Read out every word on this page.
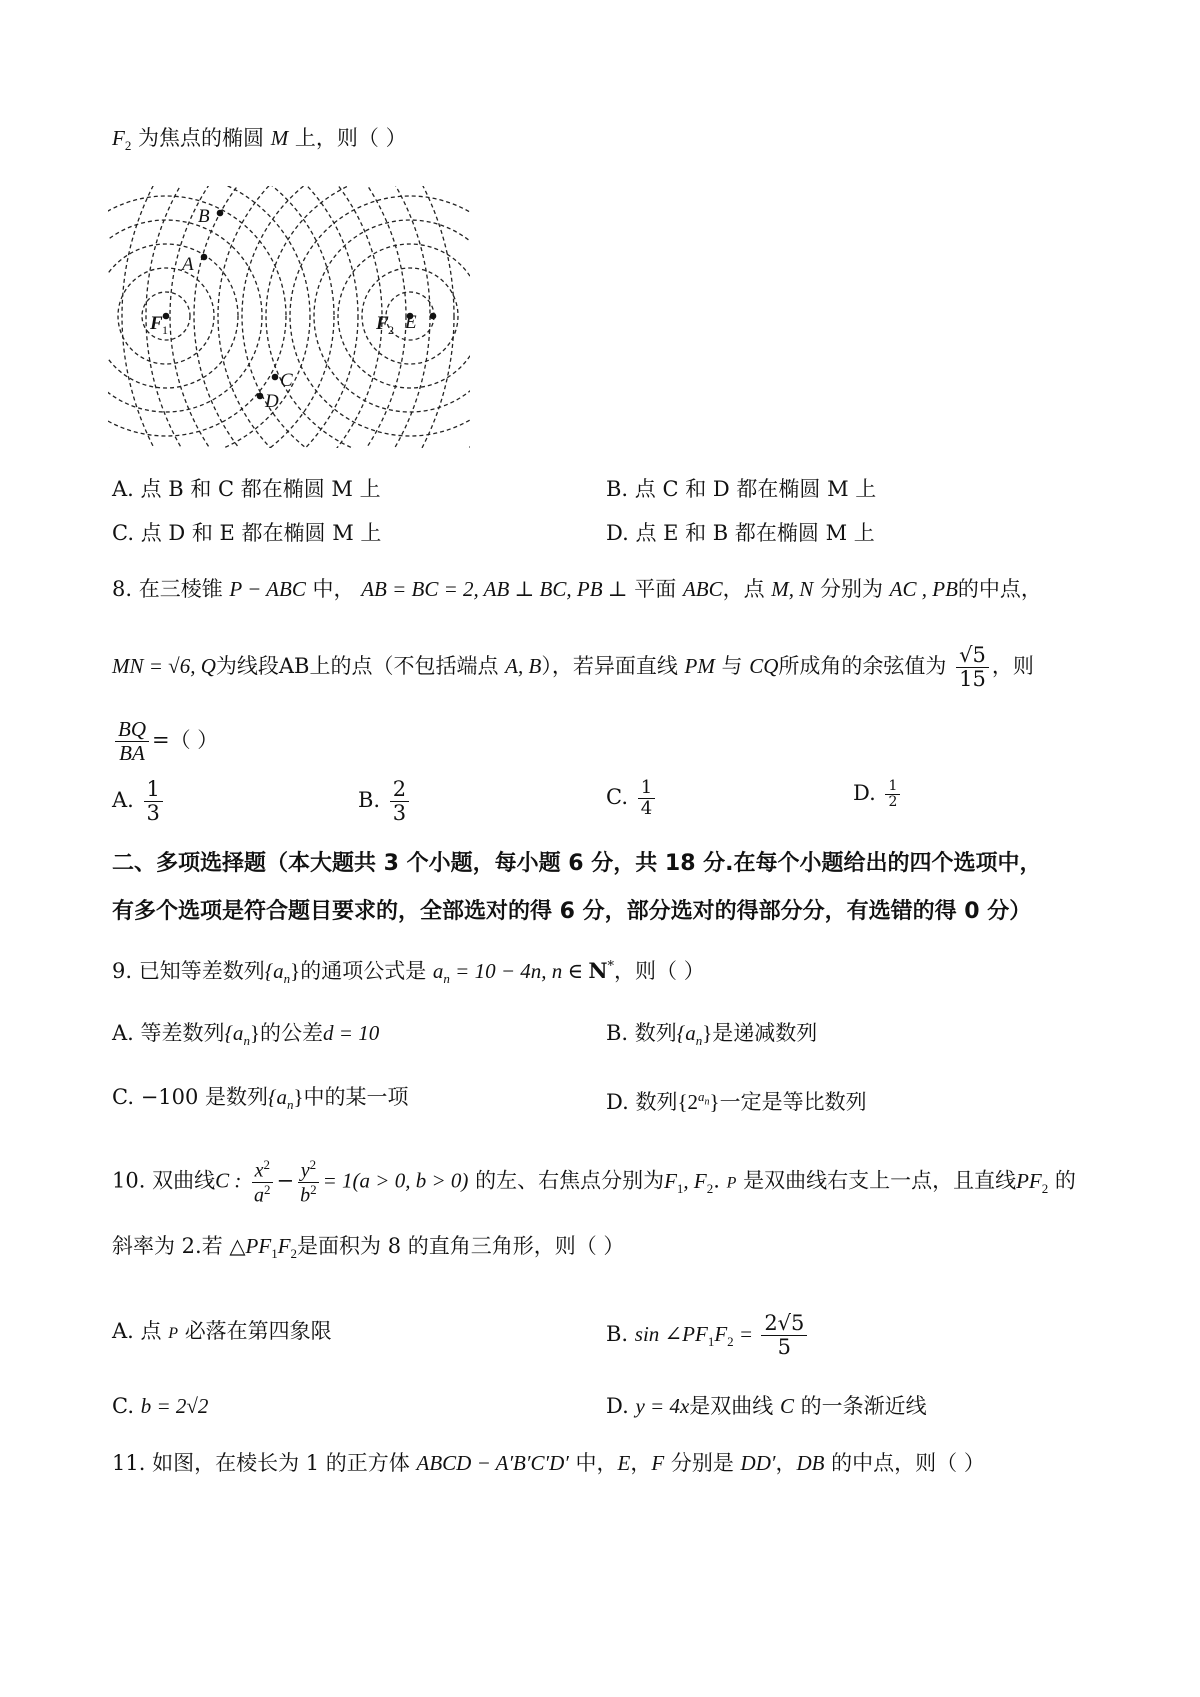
$F_2$ 为焦点的椭圆 M 上，则（ ）
B
A
F 1	F 2 E
C
D
A. 点 B 和 C 都在椭圆 M 上	B. 点 C 和 D 都在椭圆 M 上
C. 点 D 和 E 都在椭圆 M 上	D. 点 E 和 B 都在椭圆 M 上
8. 在三棱锥 P − ABC 中， AB = BC = 2, AB ⊥ BC, PB ⊥ 平面 ABC，点 M, N 分别为 AC , PB的中点，
MN = √6, Q为线段AB上的点（不包括端点 A, B），若异面直线 PM 与 CQ所成角的余弦值为 $\frac{√5}{15}$ ，则
$\frac{BQ}{BA}$ =（ ）
A. $\frac{1}{3}$	B. $\frac{2}{3}$	C. $\frac{1}{4}$	D. $\frac{1}{2}$
二、多项选择题（本大题共 3 个小题，每小题 6 分，共 18 分.在每个小题给出的四个选项中，
有多个选项是符合题目要求的，全部选对的得 6 分，部分选对的得部分分，有选错的得 0 分）
9. 已知等差数列$\{a_n\}$的通项公式是 $a_n = 10 - 4n$, n ∈ N*，则（ ）
A. 等差数列$\{a_n\}$的公差d = 10	B. 数列$\{a_n\}$是递减数列
C. −100 是数列$\{a_n\}$中的某一项	D. 数列$\{2^{a_n}\}$一定是等比数列
10. 双曲线C : $\frac{x^2}{a^2} - \frac{y^2}{b^2} = 1(a > 0$, b > 0) 的左、右焦点分别为$F_1$, $F_2$. P 是双曲线右支上一点，且直线$PF_2$ 的
斜率为 2.若 $\triangle PF_1F_2$是面积为 8 的直角三角形，则（ ）
A. 点 P 必落在第四象限	B. $\sin \angle PF_1F_2 = \frac{2√5}{5}$
C. b = 2√2	D. y = 4x是双曲线 C 的一条渐近线
11. 如图，在棱长为 1 的正方体 ABCD − A′B′C′D′ 中，E，F 分别是 DD′，DB 的中点，则（ ）
